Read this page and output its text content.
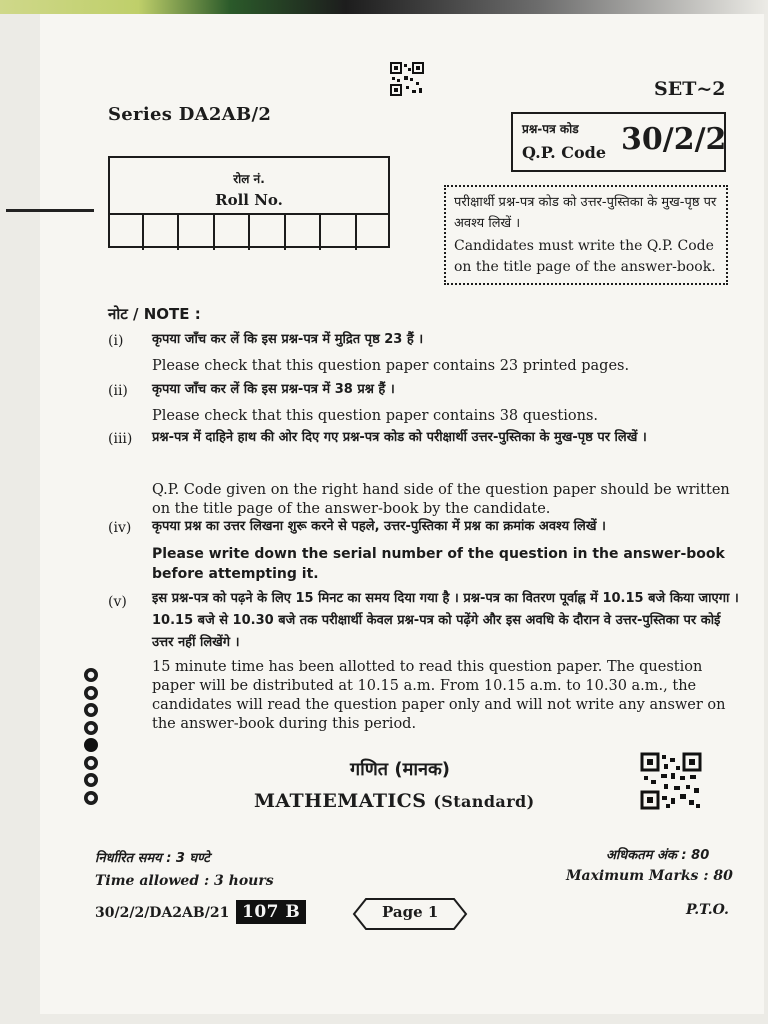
SET~2
Series DA2AB/2
प्रश्न-पत्र कोड
Q.P. Code 30/2/2
रोल नं.
Roll No.	परीक्षार्थी प्रश्न-पत्र कोड को उत्तर-पुस्तिका के मुख-पृष्ठ पर अवश्य लिखें ।
Candidates must write the Q.P. Code on the title page of the answer-book.
नोट / NOTE :
(i) कृपया जाँच कर लें कि इस प्रश्न-पत्र में मुद्रित पृष्ठ 23 हैं ।
Please check that this question paper contains 23 printed pages.
(ii) कृपया जाँच कर लें कि इस प्रश्न-पत्र में 38 प्रश्न हैं ।
Please check that this question paper contains 38 questions.
(iii) प्रश्न-पत्र में दाहिने हाथ की ओर दिए गए प्रश्न-पत्र कोड को परीक्षार्थी उत्तर-पुस्तिका के मुख-पृष्ठ पर लिखें ।
Q.P. Code given on the right hand side of the question paper should be written on the title page of the answer-book by the candidate.
(iv) कृपया प्रश्न का उत्तर लिखना शुरू करने से पहले, उत्तर-पुस्तिका में प्रश्न का क्रमांक अवश्य लिखें ।
Please write down the serial number of the question in the answer-book before attempting it.
(v) इस प्रश्न-पत्र को पढ़ने के लिए 15 मिनट का समय दिया गया है । प्रश्न-पत्र का वितरण पूर्वाह्न में 10.15 बजे किया जाएगा । 10.15 बजे से 10.30 बजे तक परीक्षार्थी केवल प्रश्न-पत्र को पढ़ेंगे और इस अवधि के दौरान वे उत्तर-पुस्तिका पर कोई उत्तर नहीं लिखेंगे ।
15 minute time has been allotted to read this question paper. The question paper will be distributed at 10.15 a.m. From 10.15 a.m. to 10.30 a.m., the candidates will read the question paper only and will not write any answer on the answer-book during this period.
गणित (मानक)
MATHEMATICS (Standard)
निर्धारित समय : 3 घण्टे
Time allowed : 3 hours
अधिकतम अंक : 80
Maximum Marks : 80
30/2/2/DA2AB/21 107 B	Page 1	P.T.O.
